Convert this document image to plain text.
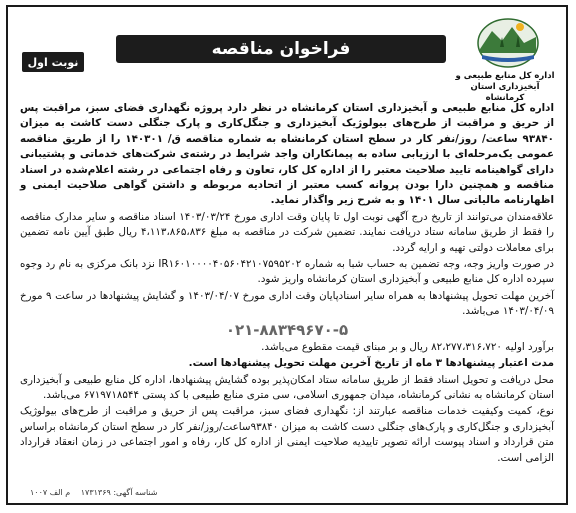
فراخوان مناقصه
نوبت اول
اداره کل منابع طبیعی و
آبخیزداری استان کرمانشاه

اداره کل منابع طبیعی و آبخیزداری استان کرمانشاه در نظر دارد پروژه نگهداری فضای سبز، مراقبت پس از حریق و مراقبت از طرح‌های بیولوژیک آبخیزداری و جنگل‌کاری و پارک جنگلی دست کاشت به میزان ۹۳۸۴۰ ساعت/ روز/نفر کار در سطح استان کرمانشاه به شماره مناقصه ق/ ۱۴۰۳۰۱ را از طریق مناقصه عمومی یک‌مرحله‌ای با ارزیابی ساده به پیمانکاران واجد شرایط در رشته‌ی شرکت‌های خدماتی و پشتیبانی دارای گواهینامه تایید صلاحیت معتبر را از اداره کل کار، تعاون و رفاه اجتماعی در رشته اعلام‌شده در اسناد مناقصه و همچنین دارا بودن پروانه کسب معتبر از اتحادیه مربوطه و داشتن گواهی صلاحیت ایمنی و اظهارنامه مالیاتی سال ۱۴۰۱ و به شرح زیر واگذار نماید.

علاقه‌مندان می‌توانند از تاریخ درج آگهی نوبت اول تا پایان وقت اداری مورخ ۱۴۰۳/۰۳/۲۴ اسناد مناقصه و سایر مدارک مناقصه را فقط از طریق سامانه ستاد دریافت نمایند. تضمین شرکت در مناقصه به مبلغ ۴،۱۱۳،۸۶۵،۸۳۶ ریال طبق آیین نامه تضمین برای معاملات دولتی تهیه و ارایه گردد.

در صورت واریز وجه، وجه تضمین به حساب شبا به شماره IR۱۶۰۱۰۰۰۰۴۰۵۶۰۴۲۱۰۷۵۹۵۲۰۲ نزد بانک مرکزی به نام رد وجوه سپرده اداره کل منابع طبیعی و آبخیزداری استان کرمانشاه واریز شود.

آخرین مهلت تحویل پیشنهادها به همراه سایر اسنادپایان وقت اداری مورخ ۱۴۰۳/۰۴/۰۷ و گشایش پیشنهادها در ساعت ۹ مورخ ۱۴۰۳/۰۴/۰۹ می‌باشد.

۰۲۱-۸۸۳۴۹۶۷۰-۵

برآورد اولیه ۸۲،۲۷۷،۳۱۶،۷۲۰ ریال و بر مبنای قیمت مقطوع می‌باشد.

مدت اعتبار پیشنهادها ۳ ماه از تاریخ آخرین مهلت تحویل پیشنهادها است.

محل دریافت و تحویل اسناد فقط از طریق سامانه ستاد امکان‌پذیر بوده گشایش پیشنهادها، اداره کل منابع طبیعی و آبخیزداری استان کرمانشاه به نشانی کرمانشاه، میدان جمهوری اسلامی، سی متری منابع طبیعی با کد پستی ۶۷۱۹۷۱۸۵۴۴ می‌باشد.

نوع، کمیت وکیفیت خدمات مناقصه عبارتند از: نگهداری فضای سبز، مراقبت پس از حریق و مراقبت از طرح‌های بیولوژیک آبخیزداری و جنگل‌کاری و پارک‌های جنگلی دست کاشت به میزان ۹۳۸۴۰ساعت/روز/نفر کار در سطح استان کرمانشاه براساس متن قرارداد و اسناد پیوست ارائه تصویر تاییدیه صلاحیت ایمنی از اداره کل کار، رفاه و امور اجتماعی در زمان انعقاد قرارداد الزامی است.

شناسه آگهی: ۱۷۳۱۳۶۹ م الف ۱۰۰۷
